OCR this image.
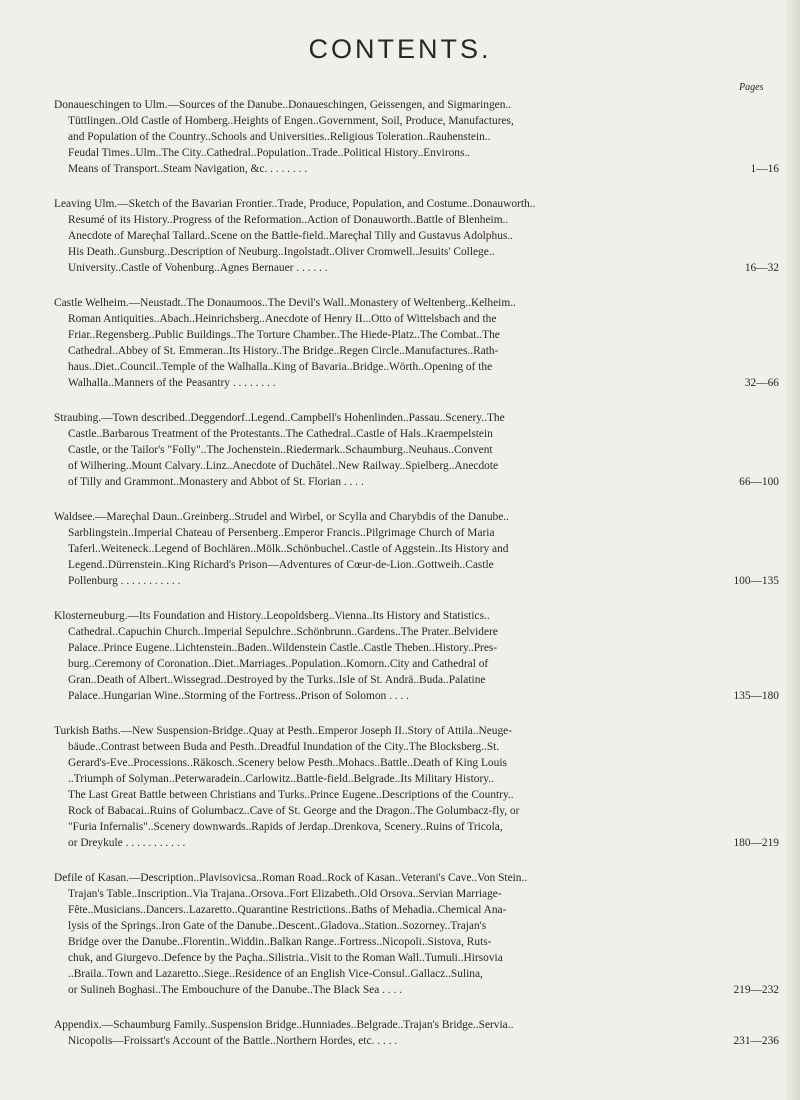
CONTENTS.
Pages
Donaueschingen to Ulm.—Sources of the Danube..Donaueschingen, Geissengen, and Sigmaringen..
Tüttlingen..Old Castle of Homberg..Heights of Engen..Government, Soil, Produce, Manufactures,
and Population of the Country..Schools and Universities..Religious Toleration..Rauhenstein..
Feudal Times..Ulm..The City..Cathedral..Population..Trade..Political History..Environs..
Means of Transport..Steam Navigation, &c. . . . . . . .	1—16
Leaving Ulm.—Sketch of the Bavarian Frontier..Trade, Produce, Population, and Costume..Donauworth..
Resumé of its History..Progress of the Reformation..Action of Donauworth..Battle of Blenheim..
Anecdote of Mareçhal Tallard..Scene on the Battle-field..Mareçhal Tilly and Gustavus Adolphus..
His Death..Gunsburg..Description of Neuburg..Ingolstadt..Oliver Cromwell..Jesuits' College..
University..Castle of Vohenburg..Agnes Bernauer . . . . . .	16—32
Castle Welheim.—Neustadt..The Donaumoos..The Devil's Wall..Monastery of Weltenberg..Kelheim..
Roman Antiquities..Abach..Heinrichsberg..Anecdote of Henry II...Otto of Wittelsbach and the
Friar..Regensberg..Public Buildings..The Torture Chamber..The Hiede-Platz..The Combat..The
Cathedral..Abbey of St. Emmeran..Its History..The Bridge..Regen Circle..Manufactures..Rath-
haus..Diet..Council..Temple of the Walhalla..King of Bavaria..Bridge..Wörth..Opening of the
Walhalla..Manners of the Peasantry . . . . . . . .	32—66
Straubing.—Town described..Deggendorf..Legend..Campbell's Hohenlinden..Passau..Scenery..The
Castle..Barbarous Treatment of the Protestants..The Cathedral..Castle of Hals..Kraempelstein
Castle, or the Tailor's "Folly"..The Jochenstein..Riedermark..Schaumburg..Neuhaus..Convent
of Wilhering..Mount Calvary..Linz..Anecdote of Duchâtel..New Railway..Spielberg..Anecdote
of Tilly and Grammont..Monastery and Abbot of St. Florian . . . .	66—100
Waldsee.—Mareçhal Daun..Greinberg..Strudel and Wirbel, or Scylla and Charybdis of the Danube..
Sarblingstein..Imperial Chateau of Persenberg..Emperor Francis..Pilgrimage Church of Maria
Taferl..Weiteneck..Legend of Bochlären..Mölk..Schönbuchel..Castle of Aggstein..Its History and
Legend..Dürrenstein..King Richard's Prison—Adventures of Cœur-de-Lion..Gottweih..Castle
Pollenburg . . . . . . . . . . .	100—135
Klosterneuburg.—Its Foundation and History..Leopoldsberg..Vienna..Its History and Statistics..
Cathedral..Capuchin Church..Imperial Sepulchre..Schönbrunn..Gardens..The Prater..Belvidere
Palace..Prince Eugene..Lichtenstein..Baden..Wildenstein Castle..Castle Theben..History..Pres-
burg..Ceremony of Coronation..Diet..Marriages..Population..Komorn..City and Cathedral of
Gran..Death of Albert..Wissegrad..Destroyed by the Turks..Isle of St. Andrä..Buda..Palatine
Palace..Hungarian Wine..Storming of the Fortress..Prison of Solomon . . . .	135—180
Turkish Baths.—New Suspension-Bridge..Quay at Pesth..Emperor Joseph II..Story of Attila..Neuge-
bäude..Contrast between Buda and Pesth..Dreadful Inundation of the City..The Blocksberg..St.
Gerard's-Eve..Processions..Räkosch..Scenery below Pesth..Mohacs..Battle..Death of King Louis
..Triumph of Solyman..Peterwaradein..Carlowitz..Battle-field..Belgrade..Its Military History..
The Last Great Battle between Christians and Turks..Prince Eugene..Descriptions of the Country..
Rock of Babacai..Ruins of Golumbacz..Cave of St. George and the Dragon..The Golumbacz-fly, or
"Furia Infernalis"..Scenery downwards..Rapids of Jerdap..Drenkova, Scenery..Ruins of Tricola,
or Dreykule . . . . . . . . . . .	180—219
Defile of Kasan.—Description..Plavisovicsa..Roman Road..Rock of Kasan..Veterani's Cave..Von Stein..
Trajan's Table..Inscription..Via Trajana..Orsova..Fort Elizabeth..Old Orsova..Servian Marriage-
Fête..Musicians..Dancers..Lazaretto..Quarantine Restrictions..Baths of Mehadia..Chemical Ana-
lysis of the Springs..Iron Gate of the Danube..Descent..Gladova..Station..Sozorney..Trajan's
Bridge over the Danube..Florentin..Widdin..Balkan Range..Fortress..Nicopoli..Sistova, Ruts-
chuk, and Giurgevo..Defence by the Paçha..Silistria..Visit to the Roman Wall..Tumuli..Hirsovia
..Braila..Town and Lazaretto..Siege..Residence of an English Vice-Consul..Gallacz..Sulina,
or Sulineh Boghasi..The Embouchure of the Danube..The Black Sea . . . .	219—232
Appendix.—Schaumburg Family..Suspension Bridge..Hunniades..Belgrade..Trajan's Bridge..Servia..
Nicopolis—Froissart's Account of the Battle..Northern Hordes, etc. . . . .	231—236
